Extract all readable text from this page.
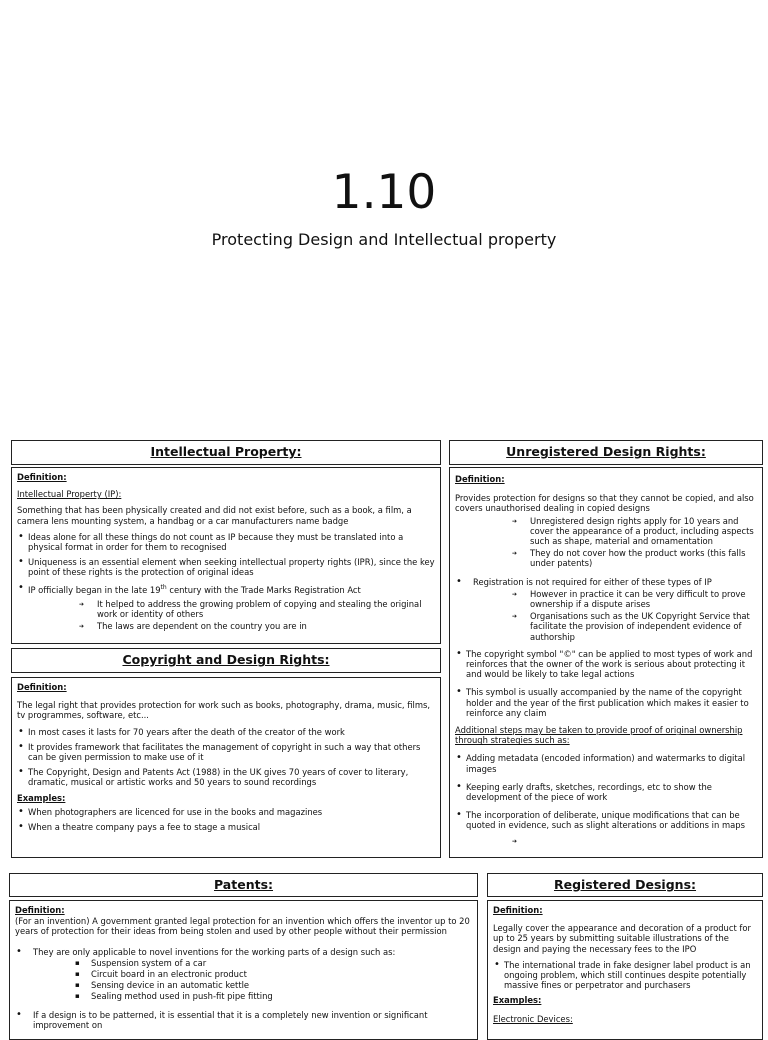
1.10
Protecting Design and Intellectual property
Intellectual Property:
Definition:

Intellectual Property (IP):

Something that has been physically created and did not exist before, such as a book, a film, a camera lens mounting system, a handbag or a car manufacturers name badge

• Ideas alone for all these things do not count as IP because they must be translated into a physical format in order for them to recognised
• Uniqueness is an essential element when seeking intellectual property rights (IPR), since the key point of these rights is the protection of original ideas
• IP officially began in the late 19th century with the Trade Marks Registration Act
➔ It helped to address the growing problem of copying and stealing the original work or identity of others
➔ The laws are dependent on the country you are in
Copyright and Design Rights:
Definition:

The legal right that provides protection for work such as books, photography, drama, music, films, tv programmes, software, etc...

• In most cases it lasts for 70 years after the death of the creator of the work
• It provides framework that facilitates the management of copyright in such a way that others can be given permission to make use of it
• The Copyright, Design and Patents Act (1988) in the UK gives 70 years of cover to literary, dramatic, musical or artistic works and 50 years to sound recordings
Examples:
• When photographers are licenced for use in the books and magazines
• When a theatre company pays a fee to stage a musical
Unregistered Design Rights:
Definition:

Provides protection for designs so that they cannot be copied, and also covers unauthorised dealing in copied designs

➔ Unregistered design rights apply for 10 years and cover the appearance of a product, including aspects such as shape, material and ornamentation
➔ They do not cover how the product works (this falls under patents)
• Registration is not required for either of these types of IP
➔ However in practice it can be very difficult to prove ownership if a dispute arises
➔ Organisations such as the UK Copyright Service that facilitate the provision of independent evidence of authorship
• The copyright symbol "©" can be applied to most types of work and reinforces that the owner of the work is serious about protecting it and would be likely to take legal actions
• This symbol is usually accompanied by the name of the copyright holder and the year of the first publication which makes it easier to reinforce any claim

Additional steps may be taken to provide proof of original ownership through strategies such as:

• Adding metadata (encoded information) and watermarks to digital images
• Keeping early drafts, sketches, recordings, etc to show the development of the piece of work
• The incorporation of deliberate, unique modifications that can be quoted in evidence, such as slight alterations or additions in maps
Patents:
Definition:

(For an invention) A government granted legal protection for an invention which offers the inventor up to 20 years of protection for their ideas from being stolen and used by other people without their permission

• They are only applicable to novel inventions for the working parts of a design such as:
▪ Suspension system of a car
▪ Circuit board in an electronic product
▪ Sensing device in an automatic kettle
▪ Sealing method used in push-fit pipe fitting
• If a design is to be patterned, it is essential that it is a completely new invention or significant improvement on
Registered Designs:
Definition:

Legally cover the appearance and decoration of a product for up to 25 years by submitting suitable illustrations of the design and paying the necessary fees to the IPO

• The international trade in fake designer label product is an ongoing problem, which still continues despite potentially massive fines or perpetrator and purchasers
Examples:

Electronic Devices:
